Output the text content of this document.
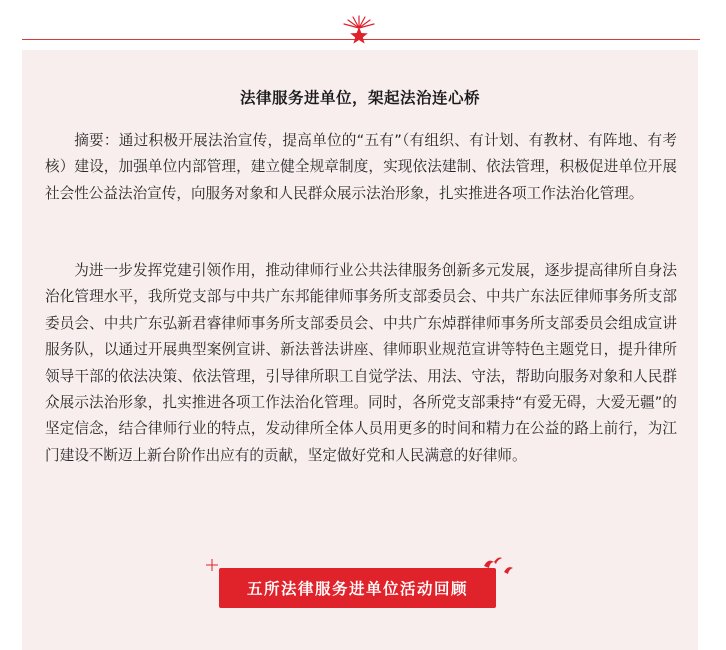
法律服务进单位，架起法治连心桥

摘要：通过积极开展法治宣传，提高单位的“五有”（有组织、有计划、有教材、有阵地、有考核）建设，加强单位内部管理，建立健全规章制度，实现依法建制、依法管理，积极促进单位开展社会性公益法治宣传，向服务对象和人民群众展示法治形象，扎实推进各项工作法治化管理。

为进一步发挥党建引领作用，推动律师行业公共法律服务创新多元发展，逐步提高律所自身法治化管理水平，我所党支部与中共广东邦能律师事务所支部委员会、中共广东法匠律师事务所支部委员会、中共广东弘新君睿律师事务所支部委员会、中共广东焯群律师事务所支部委员会组成宣讲服务队，以通过开展典型案例宣讲、新法普法讲座、律师职业规范宣讲等特色主题党日，提升律所领导干部的依法决策、依法管理，引导律所职工自觉学法、用法、守法，帮助向服务对象和人民群众展示法治形象，扎实推进各项工作法治化管理。同时，各所党支部秉持“有爱无碍，大爱无疆”的坚定信念，结合律师行业的特点，发动律所全体人员用更多的时间和精力在公益的路上前行，为江门建设不断迈上新台阶作出应有的贡献，坚定做好党和人民满意的好律师。

五所法律服务进单位活动回顾
